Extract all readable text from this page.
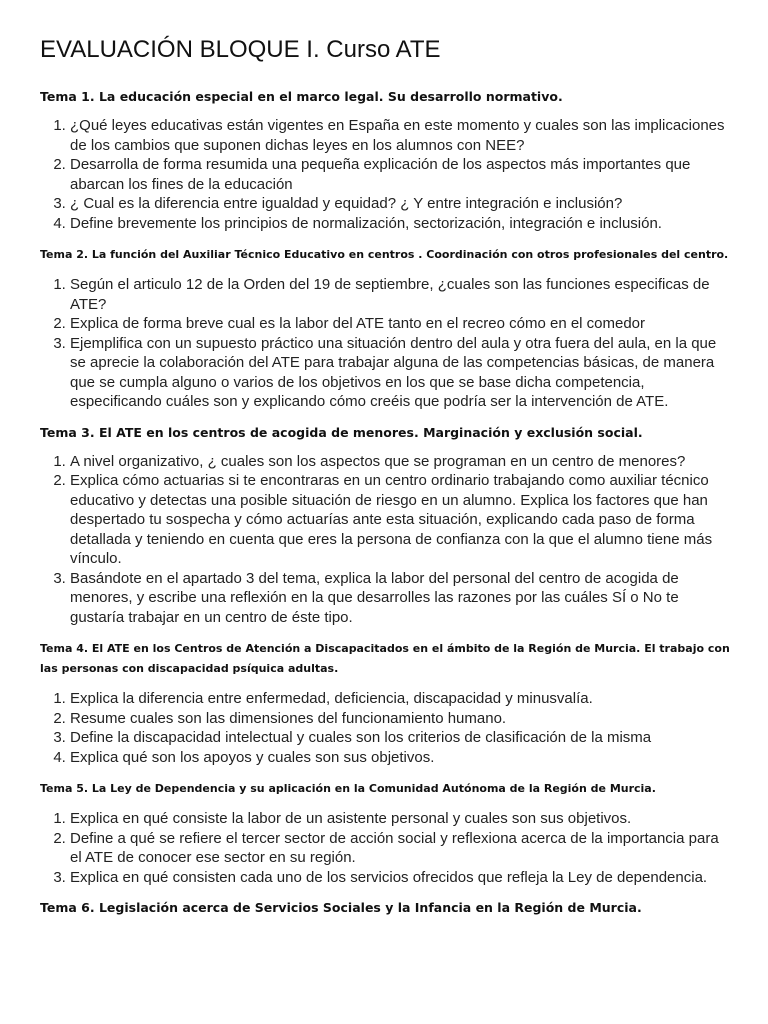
EVALUACIÓN BLOQUE I. Curso ATE

Tema 1. La educación especial en el marco legal. Su desarrollo normativo.

1. ¿Qué leyes educativas están vigentes en España en este momento y cuales son las implicaciones de los cambios que suponen dichas leyes en los alumnos con NEE?
2. Desarrolla de forma resumida una pequeña explicación de los aspectos más importantes que abarcan los fines de la educación
3. ¿ Cual es la diferencia entre igualdad y equidad? ¿ Y entre integración e inclusión?
4. Define brevemente los principios de normalización, sectorización, integración e inclusión.

Tema 2. La función del Auxiliar Técnico Educativo en centros . Coordinación con otros profesionales del centro.

1. Según el articulo 12 de la Orden del 19 de septiembre, ¿cuales son las funciones especificas de ATE?
2. Explica de forma breve cual es la labor del ATE tanto en el recreo cómo en el comedor
3. Ejemplifica con un supuesto práctico una situación dentro del aula y otra fuera del aula, en la que se aprecie la colaboración del ATE para trabajar alguna de las competencias básicas, de manera que se cumpla alguno o varios de los objetivos en los que se base dicha competencia, especificando cuáles son y explicando cómo creéis que podría ser la intervención de ATE.

Tema 3. El ATE en los centros de acogida de menores. Marginación y exclusión social.

1. A nivel organizativo, ¿ cuales son los aspectos que se programan en un centro de menores?
2. Explica cómo actuarias si te encontraras en un centro ordinario trabajando como auxiliar técnico educativo y detectas una posible situación de riesgo en un alumno. Explica los factores que han despertado tu sospecha y cómo actuarías ante esta situación, explicando cada paso de forma detallada y teniendo en cuenta que eres la persona de confianza con la que el alumno tiene más vínculo.
3. Basándote en el apartado 3 del tema, explica la labor del personal del centro de acogida de menores, y escribe una reflexión en la que desarrolles las razones por las cuáles SÍ o No te gustaría trabajar en un centro de éste tipo.

Tema 4. El ATE en los Centros de Atención a Discapacitados en el ámbito de la Región de Murcia. El trabajo con las personas con discapacidad psíquica adultas.

1. Explica la diferencia entre enfermedad, deficiencia, discapacidad y minusvalía.
2. Resume cuales son las dimensiones del funcionamiento humano.
3. Define la discapacidad intelectual y cuales son los criterios de clasificación de la misma
4. Explica qué son los apoyos y cuales son sus objetivos.

Tema 5. La Ley de Dependencia y su aplicación en la Comunidad Autónoma de la Región de Murcia.

1. Explica en qué consiste la labor de un asistente personal y cuales son sus objetivos.
2. Define a qué se refiere el tercer sector de acción social y reflexiona acerca de la importancia para el ATE de conocer ese sector en su región.
3. Explica en qué consisten cada uno de los servicios ofrecidos que refleja la Ley de dependencia.

Tema 6. Legislación acerca de Servicios Sociales y la Infancia en la Región de Murcia.
